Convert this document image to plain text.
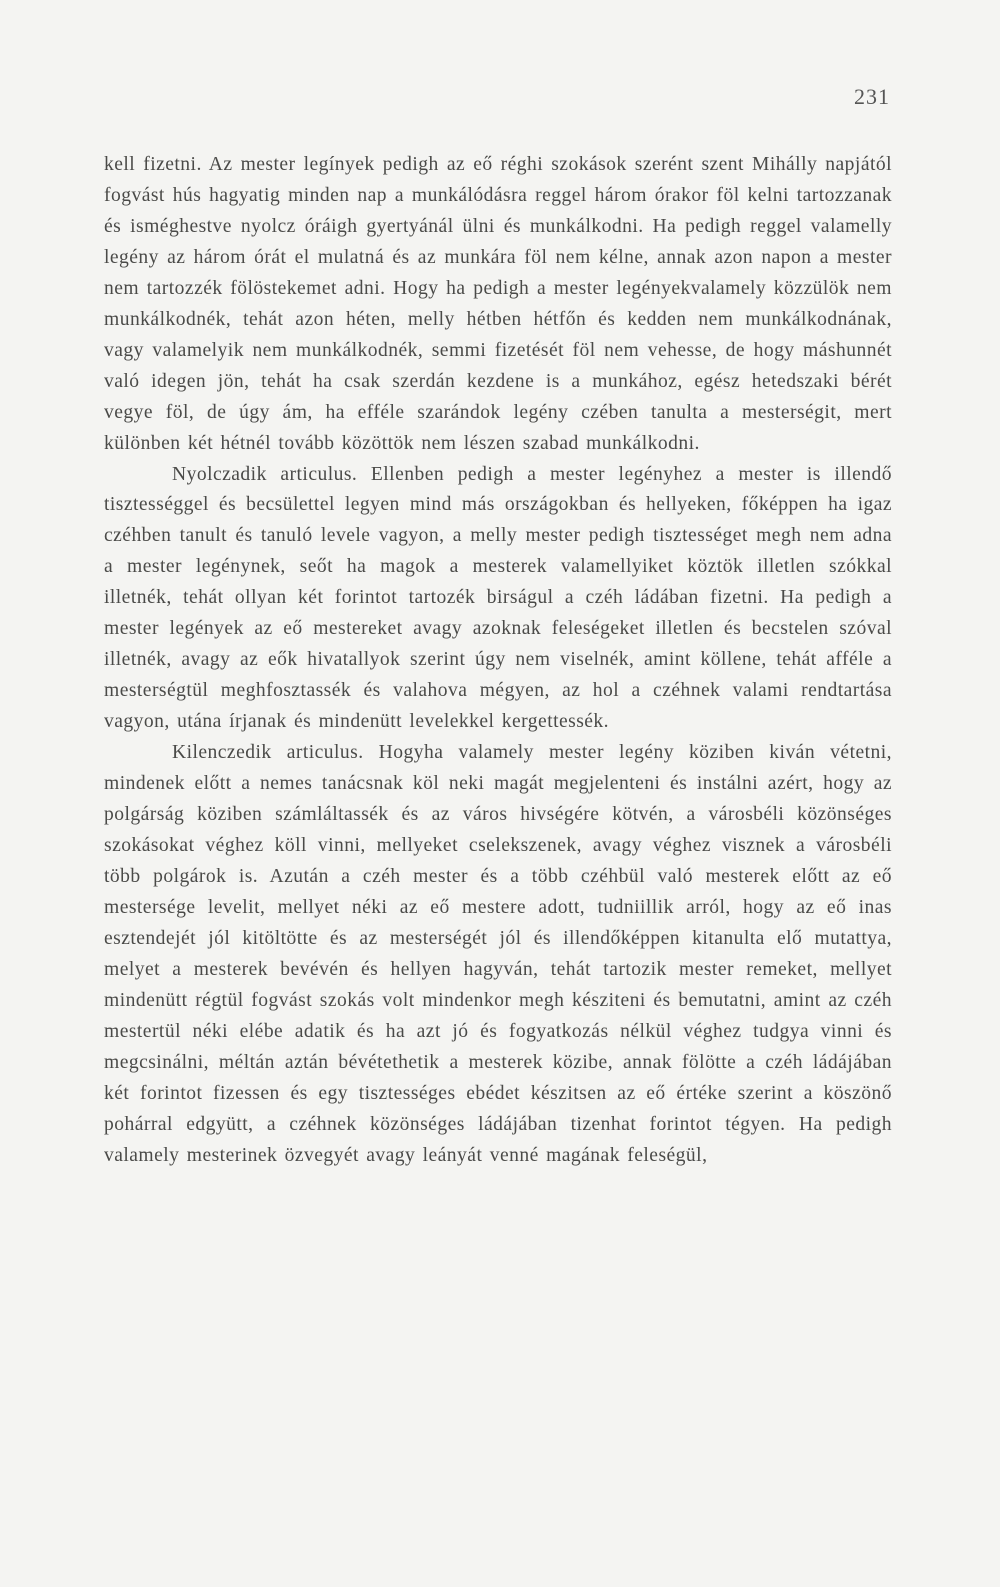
231

kell fizetni. Az mester legínyek pedigh az eő réghi szokások szerént szent Mihálly napjától fogvást hús hagyatig minden nap a munkálódásra reggel három órakor föl kelni tartozzanak és isméghestve nyolcz óráigh gyertyánál ülni és munkálkodni. Ha pedigh reggel valamelly legény az három órát el mulatná és az munkára föl nem kélne, annak azon napon a mester nem tartozzék fölöstekemet adni. Hogy ha pedigh a mester legényekvalamely közzülök nem munkálkodnék, tehát azon héten, melly hétben hétfőn és kedden nem munkálkodnának, vagy valamelyik nem munkálkodnék, semmi fizetését föl nem vehesse, de hogy máshunnét való idegen jön, tehát ha csak szerdán kezdene is a munkához, egész hetedszaki bérét vegye föl, de úgy ám, ha efféle szarándok legény czében tanulta a mesterségit, mert különben két hétnél tovább közöttök nem lészen szabad munkálkodni.

Nyolczadik articulus. Ellenben pedigh a mester legényhez a mester is illendő tisztességgel és becsülettel legyen mind más országokban és hellyeken, főképpen ha igaz czéhben tanult és tanuló levele vagyon, a melly mester pedigh tisztességet megh nem adna a mester legénynek, seőt ha magok a mesterek valamellyiket köztök illetlen szókkal illetnék, tehát ollyan két forintot tartozék birságul a czéh ládában fizetni. Ha pedigh a mester legények az eő mestereket avagy azoknak feleségeket illetlen és becstelen szóval illetnék, avagy az eők hivatallyok szerint úgy nem viselnék, amint köllene, tehát afféle a mesterségtül meghfosztassék és valahova mégyen, az hol a czéhnek valami rendtartása vagyon, utána írjanak és mindenütt levelekkel kergettessék.

Kilenczedik articulus. Hogyha valamely mester legény köziben kiván vétetni, mindenek előtt a nemes tanácsnak köl neki magát megjelenteni és instálni azért, hogy az polgárság köziben számláltassék és az város hivségére kötvén, a városbéli közönséges szokásokat véghez köll vinni, mellyeket cselekszenek, avagy véghez visznek a városbéli több polgárok is. Azután a czéh mester és a több czéhbül való mesterek előtt az eő mestersége levelit, mellyet néki az eő mestere adott, tudniillik arról, hogy az eő inas esztendejét jól kitöltötte és az mesterségét jól és illendőképpen kitanulta elő mutattya, melyet a mesterek bevévén és hellyen hagyván, tehát tartozik mester remeket, mellyet mindenütt régtül fogvást szokás volt mindenkor megh késziteni és bemutatni, amint az czéh mestertül néki elébe adatik és ha azt jó és fogyatkozás nélkül véghez tudgya vinni és megcsinálni, méltán aztán bévétethetik a mesterek közibe, annak fölötte a czéh ládájában két forintot fizessen és egy tisztességes ebédet készitsen az eő értéke szerint a köszönő pohárral edgyütt, a czéhnek közönséges ládájában tizenhat forintot tégyen. Ha pedigh valamely mesterinek özvegyét avagy leányát venné magának feleségül,
